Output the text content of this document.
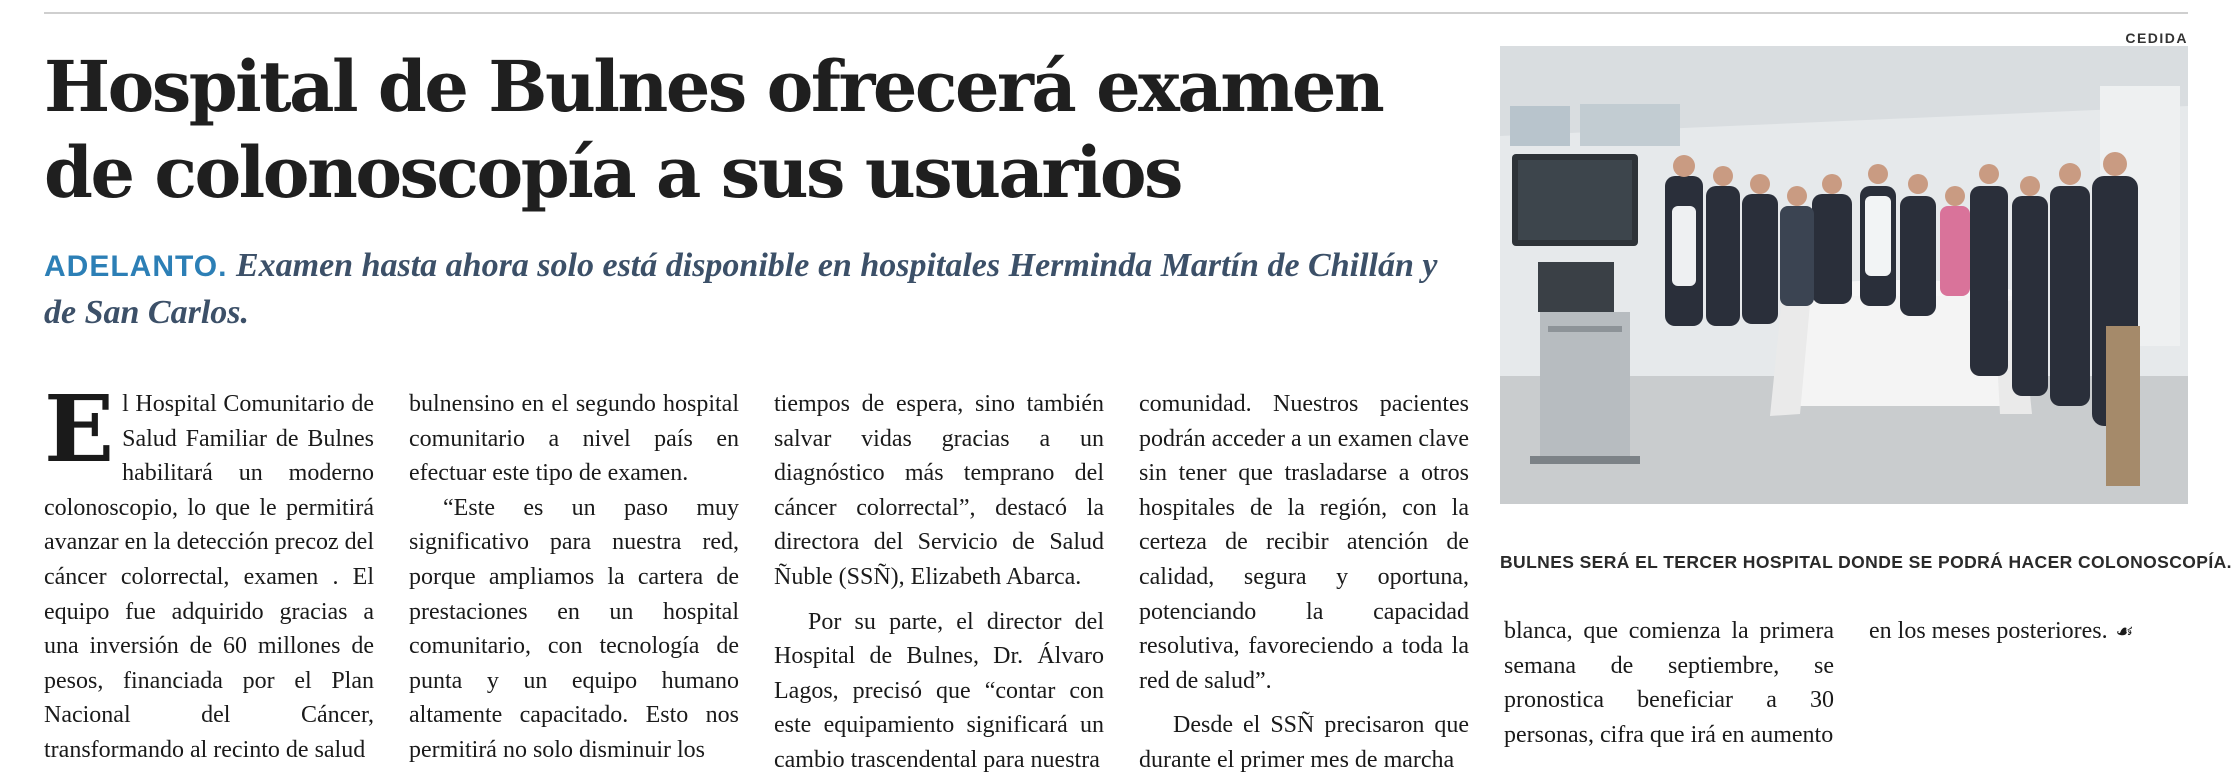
Hospital de Bulnes ofrecerá examen
de colonoscopía a sus usuarios

ADELANTO. Examen hasta ahora solo está disponible en hospitales Herminda Martín de Chillán y de San Carlos.

El Hospital Comunitario de Salud Familiar de Bulnes habilitará un moderno colonoscopio, lo que le permitirá avanzar en la detección precoz del cáncer colorrectal, examen . El equipo fue adquirido gracias a una inversión de 60 millones de pesos, financiada por el Plan Nacional del Cáncer, transformando al recinto de salud

bulnensino en el segundo hospital comunitario a nivel país en efectuar este tipo de examen.

“Este es un paso muy significativo para nuestra red, porque ampliamos la cartera de prestaciones en un hospital comunitario, con tecnología de punta y un equipo humano altamente capacitado. Esto nos permitirá no solo disminuir los

tiempos de espera, sino también salvar vidas gracias a un diagnóstico más temprano del cáncer colorrectal”, destacó la directora del Servicio de Salud Ñuble (SSÑ), Elizabeth Abarca.

Por su parte, el director del Hospital de Bulnes, Dr. Álvaro Lagos, precisó que “contar con este equipamiento significará un cambio trascendental para nuestra

comunidad. Nuestros pacientes podrán acceder a un examen clave sin tener que trasladarse a otros hospitales de la región, con la certeza de recibir atención de calidad, segura y oportuna, potenciando la capacidad resolutiva, favoreciendo a toda la red de salud”.

Desde el SSÑ precisaron que durante el primer mes de marcha

blanca, que comienza la primera semana de septiembre, se pronostica beneficiar a 30 personas, cifra que irá en aumento

en los meses posteriores. ☙

CEDIDA

BULNES SERÁ EL TERCER HOSPITAL DONDE SE PODRÁ HACER COLONOSCOPÍA.
